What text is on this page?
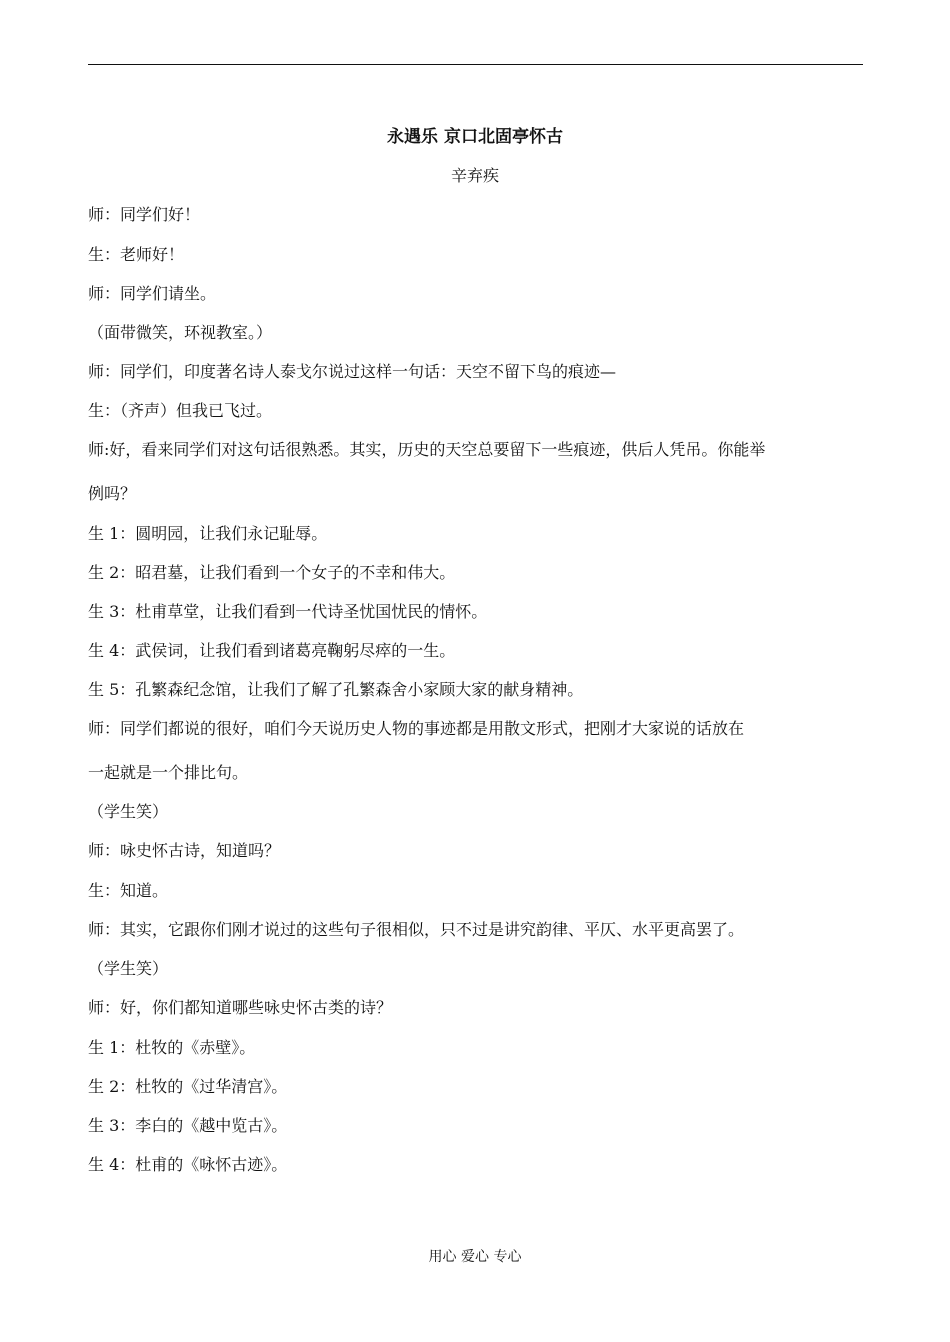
永遇乐 京口北固亭怀古
辛弃疾
师：同学们好！
生：老师好！
师：同学们请坐。
（面带微笑，环视教室。）
师：同学们，印度著名诗人泰戈尔说过这样一句话：天空不留下鸟的痕迹—
生：（齐声）但我已飞过。
师:好，看来同学们对这句话很熟悉。其实，历史的天空总要留下一些痕迹，供后人凭吊。你能举
例吗？
生 1：圆明园，让我们永记耻辱。
生 2：昭君墓，让我们看到一个女子的不幸和伟大。
生 3：杜甫草堂，让我们看到一代诗圣忧国忧民的情怀。
生 4：武侯词，让我们看到诸葛亮鞠躬尽瘁的一生。
生 5：孔繁森纪念馆，让我们了解了孔繁森舍小家顾大家的献身精神。
师：同学们都说的很好，咱们今天说历史人物的事迹都是用散文形式，把刚才大家说的话放在
一起就是一个排比句。
（学生笑）
师：咏史怀古诗，知道吗？
生：知道。
师：其实，它跟你们刚才说过的这些句子很相似，只不过是讲究韵律、平仄、水平更高罢了。
（学生笑）
师：好，你们都知道哪些咏史怀古类的诗？
生 1：杜牧的《赤壁》。
生 2：杜牧的《过华清宫》。
生 3：李白的《越中览古》。
生 4：杜甫的《咏怀古迹》。
用心 爱心 专心
